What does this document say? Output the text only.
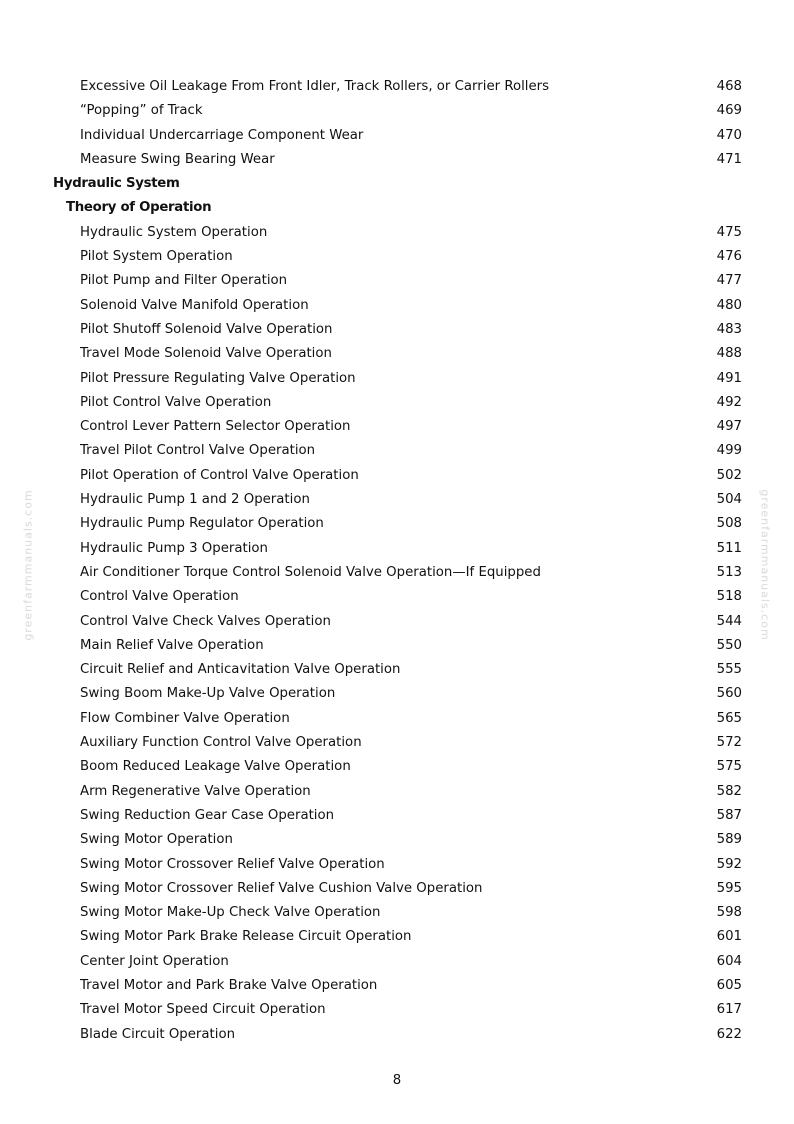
greenfarmmanuals.com	greenfarmmanuals.com
Excessive Oil Leakage From Front Idler, Track Rollers, or Carrier Rollers	468
“Popping” of Track	469
Individual Undercarriage Component Wear	470
Measure Swing Bearing Wear	471
Hydraulic System
Theory of Operation
Hydraulic System Operation	475
Pilot System Operation	476
Pilot Pump and Filter Operation	477
Solenoid Valve Manifold Operation	480
Pilot Shutoff Solenoid Valve Operation	483
Travel Mode Solenoid Valve Operation	488
Pilot Pressure Regulating Valve Operation	491
Pilot Control Valve Operation	492
Control Lever Pattern Selector Operation	497
Travel Pilot Control Valve Operation	499
Pilot Operation of Control Valve Operation	502
Hydraulic Pump 1 and 2 Operation	504
Hydraulic Pump Regulator Operation	508
Hydraulic Pump 3 Operation	511
Air Conditioner Torque Control Solenoid Valve Operation—If Equipped	513
Control Valve Operation	518
Control Valve Check Valves Operation	544
Main Relief Valve Operation	550
Circuit Relief and Anticavitation Valve Operation	555
Swing Boom Make-Up Valve Operation	560
Flow Combiner Valve Operation	565
Auxiliary Function Control Valve Operation	572
Boom Reduced Leakage Valve Operation	575
Arm Regenerative Valve Operation	582
Swing Reduction Gear Case Operation	587
Swing Motor Operation	589
Swing Motor Crossover Relief Valve Operation	592
Swing Motor Crossover Relief Valve Cushion Valve Operation	595
Swing Motor Make-Up Check Valve Operation	598
Swing Motor Park Brake Release Circuit Operation	601
Center Joint Operation	604
Travel Motor and Park Brake Valve Operation	605
Travel Motor Speed Circuit Operation	617
Blade Circuit Operation	622
8
